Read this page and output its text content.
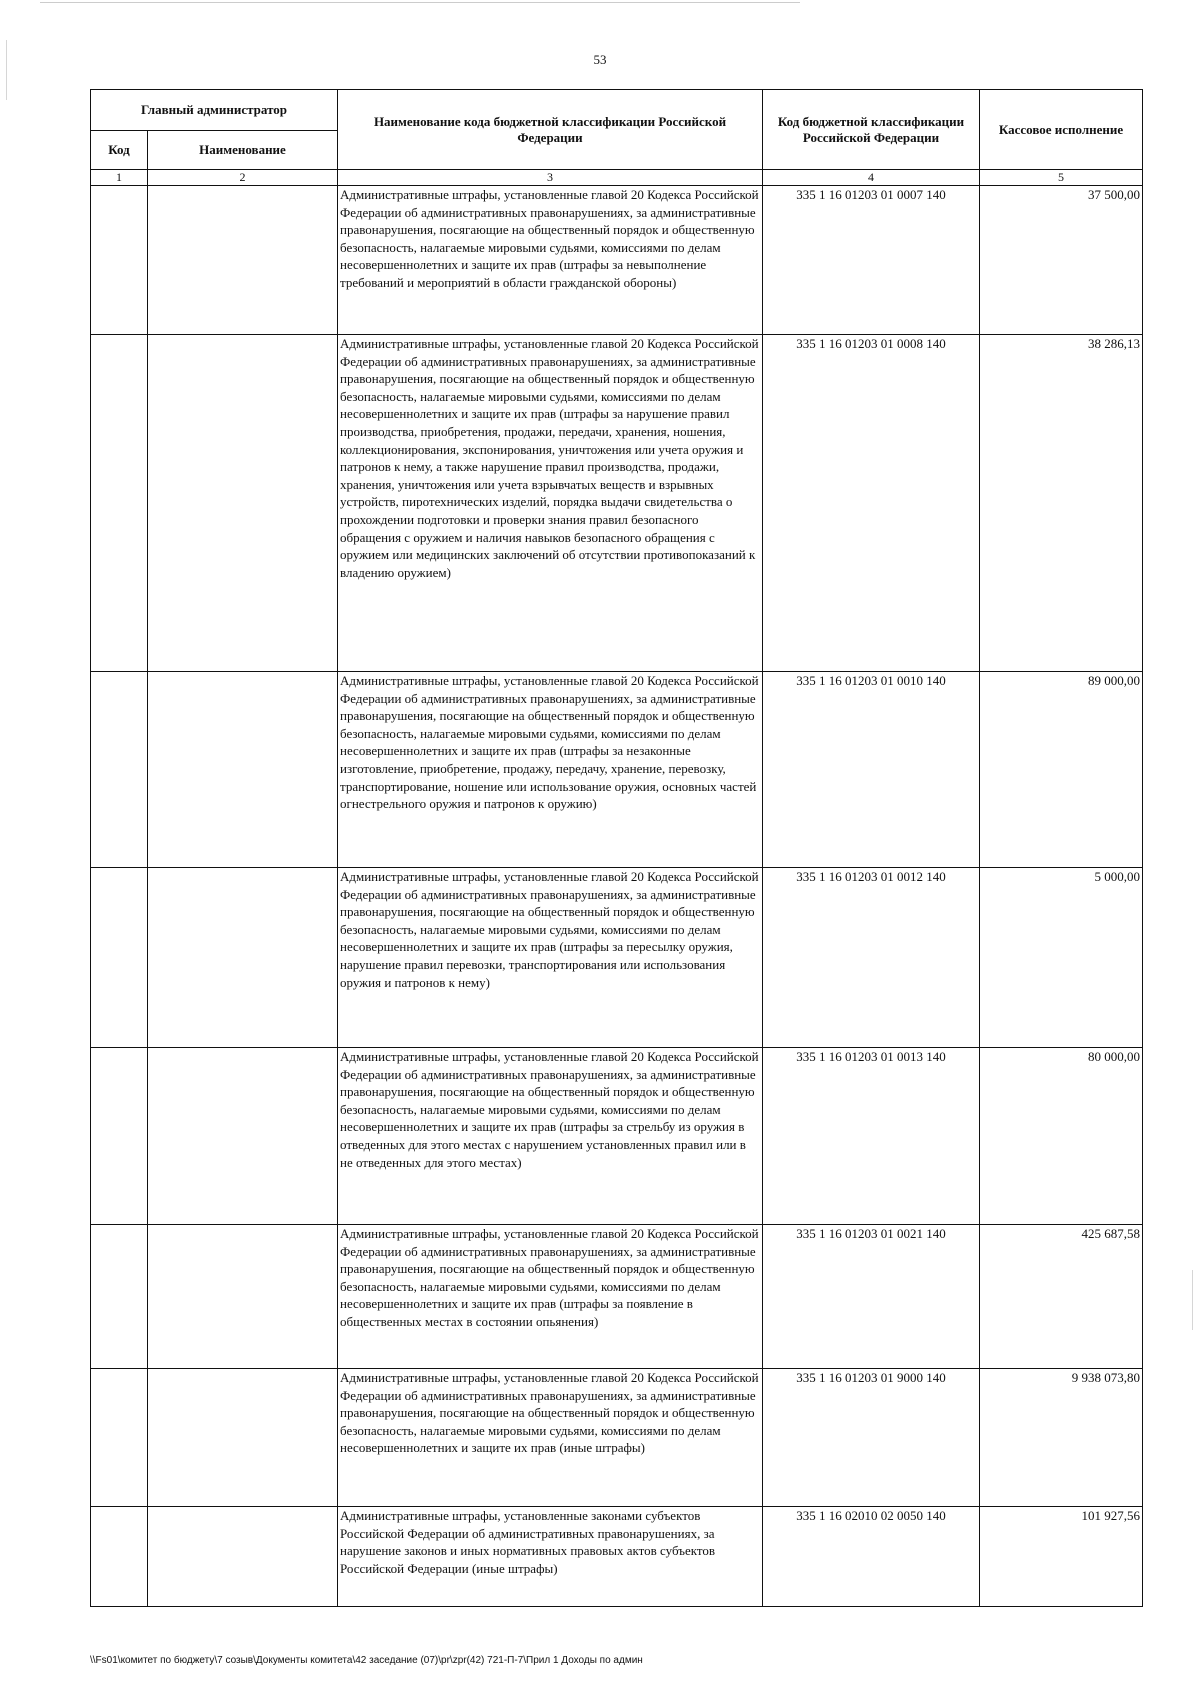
53
Главный администратор		Наименование кода бюджетной классификации Российской Федерации	Код бюджетной классификации Российской Федерации	Кассовое исполнение
Код	Наименование			
1	2	3	4	5
		Административные штрафы, установленные главой 20 Кодекса Российской Федерации об административных правонарушениях, за административные правонарушения, посягающие на общественный порядок и общественную безопасность, налагаемые мировыми судьями, комиссиями по делам несовершеннолетних и защите их прав (штрафы за невыполнение требований и мероприятий в области гражданской обороны)	335 1 16 01203 01 0007 140	37 500,00
		Административные штрафы, установленные главой 20 Кодекса Российской Федерации об административных правонарушениях, за административные правонарушения, посягающие на общественный порядок и общественную безопасность, налагаемые мировыми судьями, комиссиями по делам несовершеннолетних и защите их прав (штрафы за нарушение правил производства, приобретения, продажи, передачи, хранения, ношения, коллекционирования, экспонирования, уничтожения или учета оружия и патронов к нему, а также нарушение правил производства, продажи, хранения, уничтожения или учета взрывчатых веществ и взрывных устройств, пиротехнических изделий, порядка выдачи свидетельства о прохождении подготовки и проверки знания правил безопасного обращения с оружием и наличия навыков безопасного обращения с оружием или медицинских заключений об отсутствии противопоказаний к владению оружием)	335 1 16 01203 01 0008 140	38 286,13
		Административные штрафы, установленные главой 20 Кодекса Российской Федерации об административных правонарушениях, за административные правонарушения, посягающие на общественный порядок и общественную безопасность, налагаемые мировыми судьями, комиссиями по делам несовершеннолетних и защите их прав (штрафы за незаконные изготовление, приобретение, продажу, передачу, хранение, перевозку, транспортирование, ношение или использование оружия, основных частей огнестрельного оружия и патронов к оружию)	335 1 16 01203 01 0010 140	89 000,00
		Административные штрафы, установленные главой 20 Кодекса Российской Федерации об административных правонарушениях, за административные правонарушения, посягающие на общественный порядок и общественную безопасность, налагаемые мировыми судьями, комиссиями по делам несовершеннолетних и защите их прав (штрафы за пересылку оружия, нарушение правил перевозки, транспортирования или использования оружия и патронов к нему)	335 1 16 01203 01 0012 140	5 000,00
		Административные штрафы, установленные главой 20 Кодекса Российской Федерации об административных правонарушениях, за административные правонарушения, посягающие на общественный порядок и общественную безопасность, налагаемые мировыми судьями, комиссиями по делам несовершеннолетних и защите их прав (штрафы за стрельбу из оружия в отведенных для этого местах с нарушением установленных правил или в не отведенных для этого местах)	335 1 16 01203 01 0013 140	80 000,00
		Административные штрафы, установленные главой 20 Кодекса Российской Федерации об административных правонарушениях, за административные правонарушения, посягающие на общественный порядок и общественную безопасность, налагаемые мировыми судьями, комиссиями по делам несовершеннолетних и защите их прав (штрафы за появление в общественных местах в состоянии опьянения)	335 1 16 01203 01 0021 140	425 687,58
		Административные штрафы, установленные главой 20 Кодекса Российской Федерации об административных правонарушениях, за административные правонарушения, посягающие на общественный порядок и общественную безопасность, налагаемые мировыми судьями, комиссиями по делам несовершеннолетних и защите их прав (иные штрафы)	335 1 16 01203 01 9000 140	9 938 073,80
		Административные штрафы, установленные законами субъектов Российской Федерации об административных правонарушениях, за нарушение законов и иных нормативных правовых актов субъектов Российской Федерации (иные штрафы)	335 1 16 02010 02 0050 140	101 927,56
\\Fs01\комитет по бюджету\7 созыв\Документы комитета\42 заседание (07)\pr\zpr(42) 721-П-7\Прил 1 Доходы по админ
